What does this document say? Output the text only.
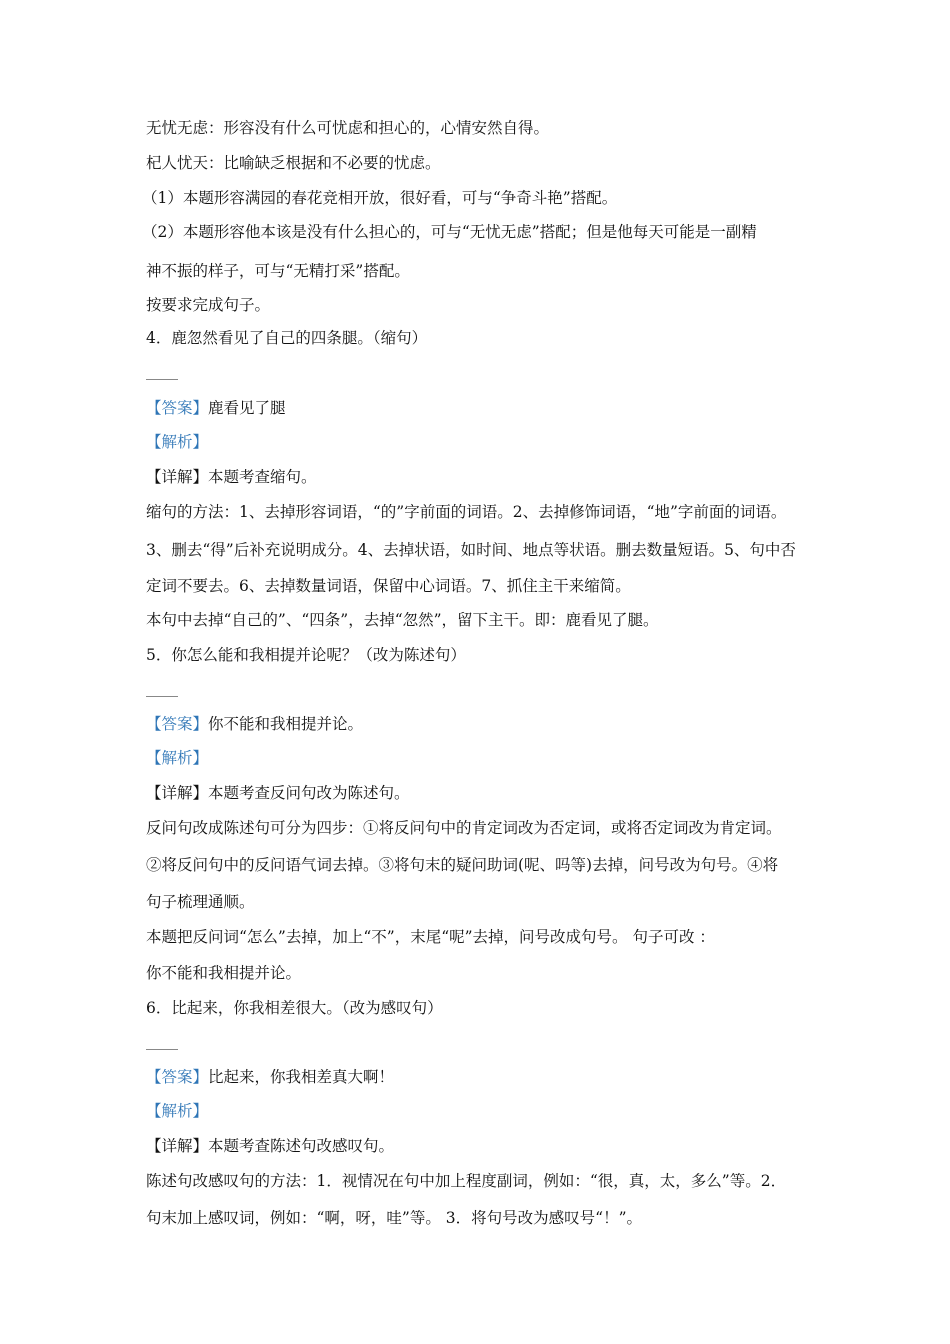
无忧无虑：形容没有什么可忧虑和担心的，心情安然自得。
杞人忧天：比喻缺乏根据和不必要的忧虑。
（1）本题形容满园的春花竞相开放，很好看，可与“争奇斗艳”搭配。
（2）本题形容他本该是没有什么担心的，可与“无忧无虑”搭配；但是他每天可能是一副精
神不振的样子，可与“无精打采”搭配。
按要求完成句子。
4．鹿忽然看见了自己的四条腿。（缩句）
【答案】鹿看见了腿
【解析】
【详解】本题考查缩句。
缩句的方法：1、去掉形容词语，“的”字前面的词语。2、去掉修饰词语，“地”字前面的词语。
3、删去“得”后补充说明成分。4、去掉状语，如时间、地点等状语。删去数量短语。5、句中否
定词不要去。6、去掉数量词语，保留中心词语。7、抓住主干来缩简。
本句中去掉“自己的”、“四条”，去掉“忽然”，留下主干。即：鹿看见了腿。
5．你怎么能和我相提并论呢？（改为陈述句）
【答案】你不能和我相提并论。
【解析】
【详解】本题考查反问句改为陈述句。
反问句改成陈述句可分为四步：①将反问句中的肯定词改为否定词，或将否定词改为肯定词。
②将反问句中的反问语气词去掉。③将句末的疑问助词(呢、吗等)去掉，问号改为句号。④将
句子梳理通顺。
本题把反问词“怎么”去掉，加上“不”，末尾“呢”去掉，问号改成句号。 句子可改 ：
你不能和我相提并论。
6．比起来，你我相差很大。（改为感叹句）
【答案】比起来，你我相差真大啊！
【解析】
【详解】本题考查陈述句改感叹句。
陈述句改感叹句的方法：1．视情况在句中加上程度副词，例如：“很，真，太，多么”等。2．
句末加上感叹词，例如：“啊，呀，哇”等。 3．将句号改为感叹号“！”。
